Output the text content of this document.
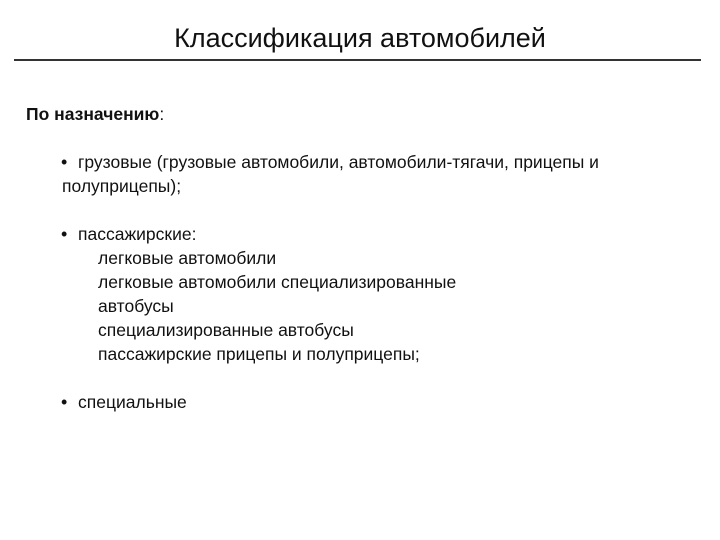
Классификация автомобилей

По назначению:

• грузовые (грузовые автомобили, автомобили-тягачи, прицепы и полуприцепы);
• пассажирские:
легковые автомобили
легковые автомобили специализированные
автобусы
специализированные автобусы
пассажирские прицепы и полуприцепы;
• специальные
